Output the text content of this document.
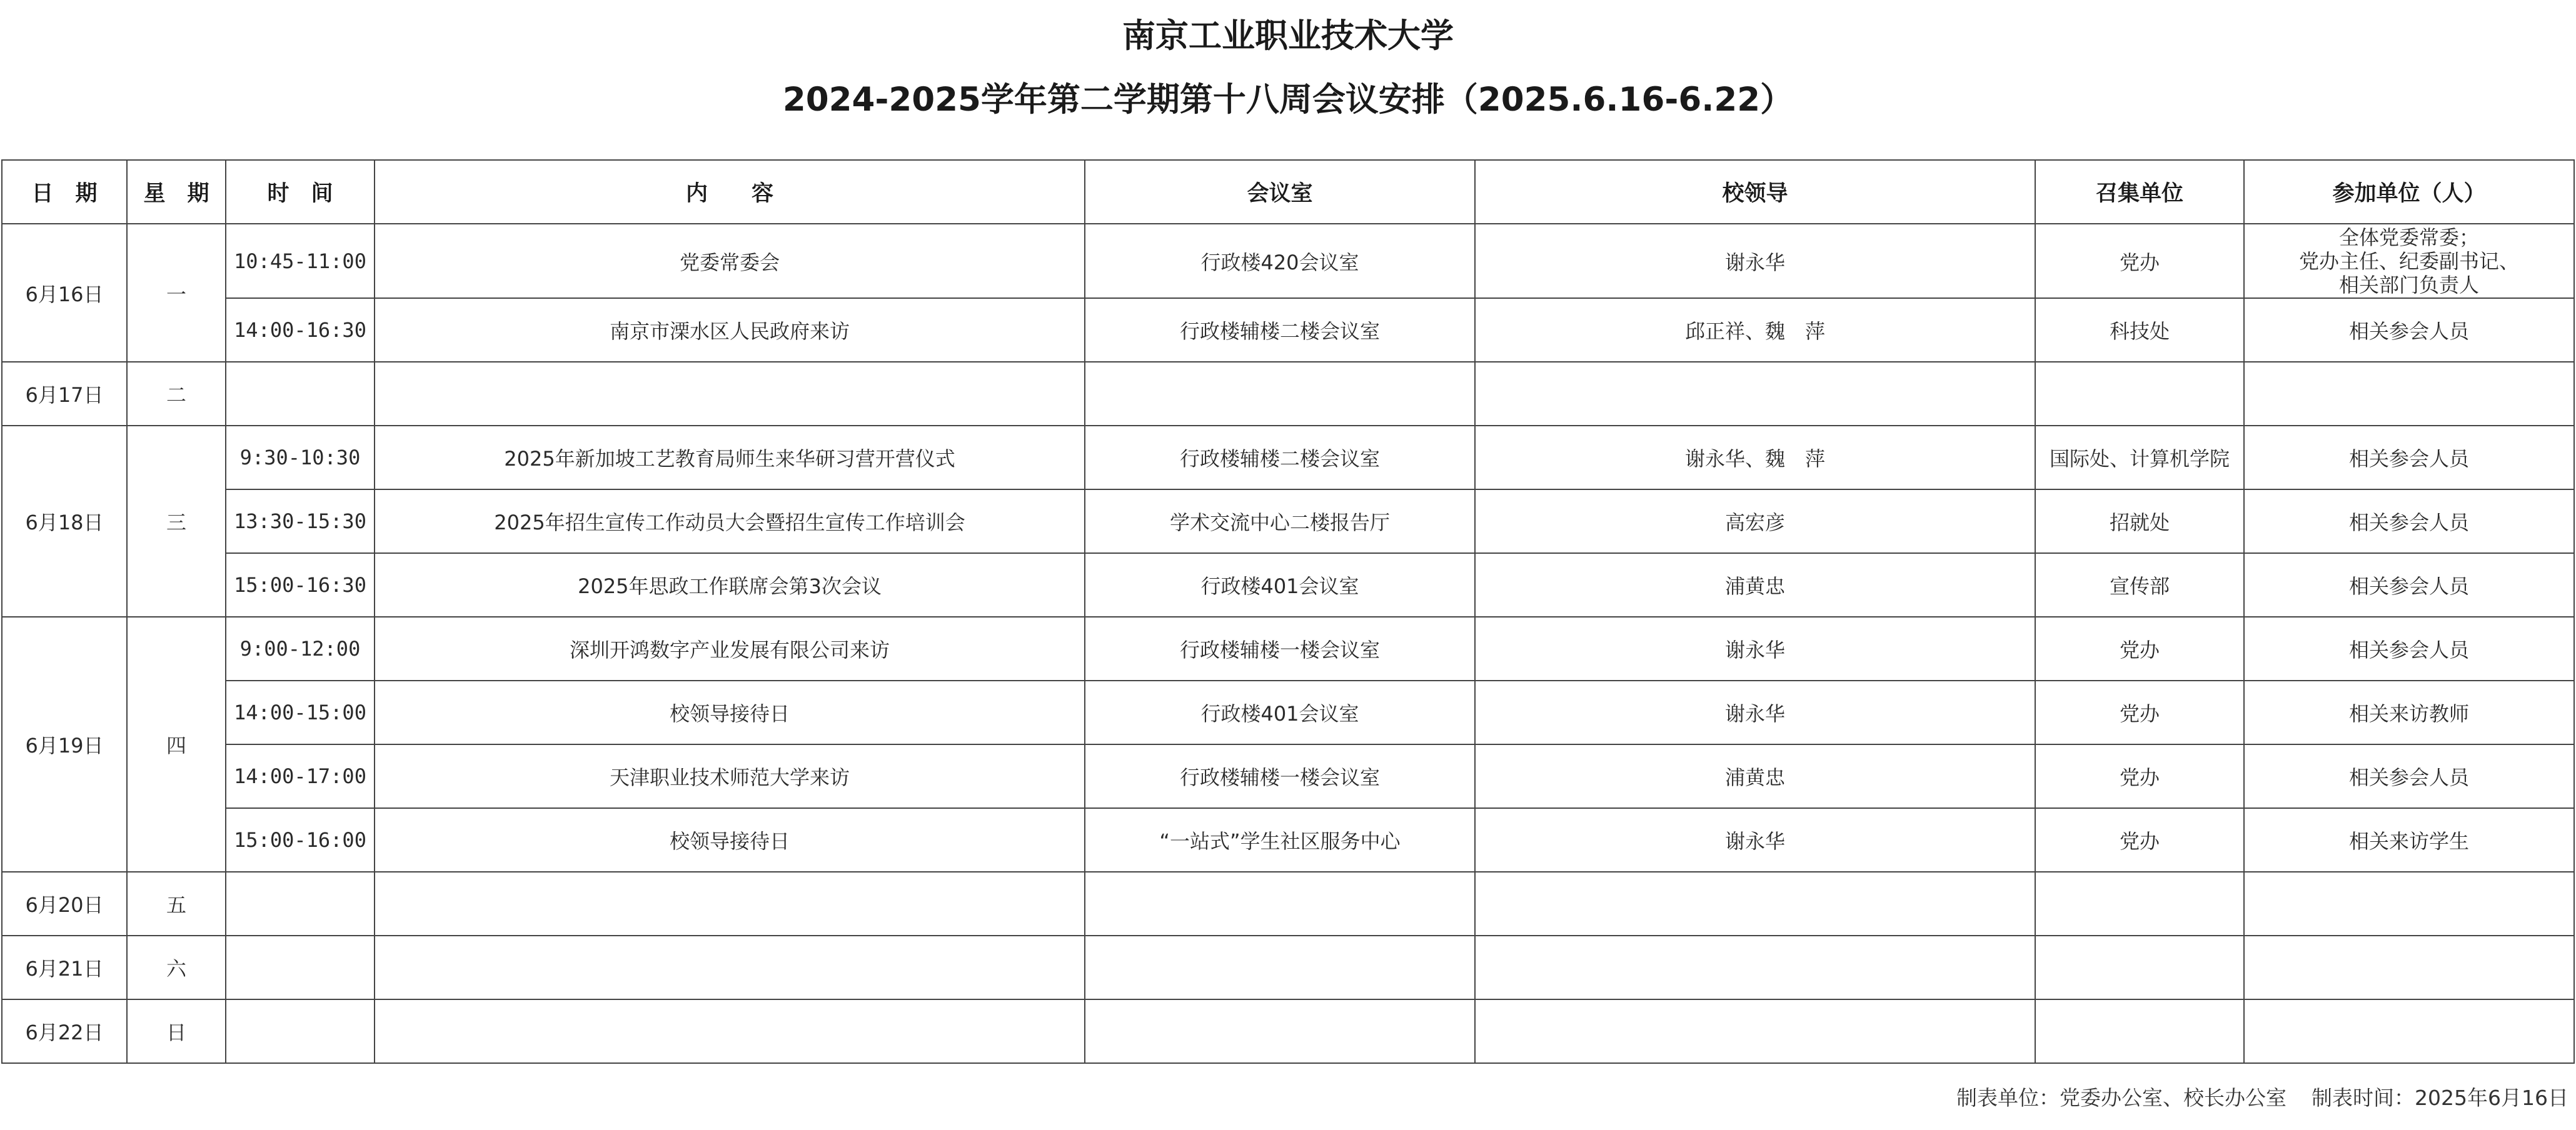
南京工业职业技术大学
2024-2025学年第二学期第十八周会议安排（2025.6.16-6.22）
日　期	星　期	时　间	内　　容	会议室	校领导	召集单位	参加单位（人）
6月16日	一	10:45-11:00	党委常委会	行政楼420会议室	谢永华	党办	全体党委常委；
党办主任、纪委副书记、
相关部门负责人

		14:00-16:30	南京市溧水区人民政府来访	行政楼辅楼二楼会议室	邱正祥、魏　萍	科技处	相关参会人员
6月17日	二						
6月18日	三	9:30-10:30	2025年新加坡工艺教育局师生来华研习营开营仪式	行政楼辅楼二楼会议室	谢永华、魏　萍	国际处、计算机学院	相关参会人员
		13:30-15:30	2025年招生宣传工作动员大会暨招生宣传工作培训会	学术交流中心二楼报告厅	高宏彦	招就处	相关参会人员
		15:00-16:30	2025年思政工作联席会第3次会议	行政楼401会议室	浦黄忠	宣传部	相关参会人员
6月19日	四	9:00-12:00	深圳开鸿数字产业发展有限公司来访	行政楼辅楼一楼会议室	谢永华	党办	相关参会人员
		14:00-15:00	校领导接待日	行政楼401会议室	谢永华	党办	相关来访教师
		14:00-17:00	天津职业技术师范大学来访	行政楼辅楼一楼会议室	浦黄忠	党办	相关参会人员
		15:00-16:00	校领导接待日	“一站式”学生社区服务中心	谢永华	党办	相关来访学生
6月20日	五						
6月21日	六						
6月22日	日						
制表单位：党委办公室、校长办公室 制表时间：2025年6月16日
